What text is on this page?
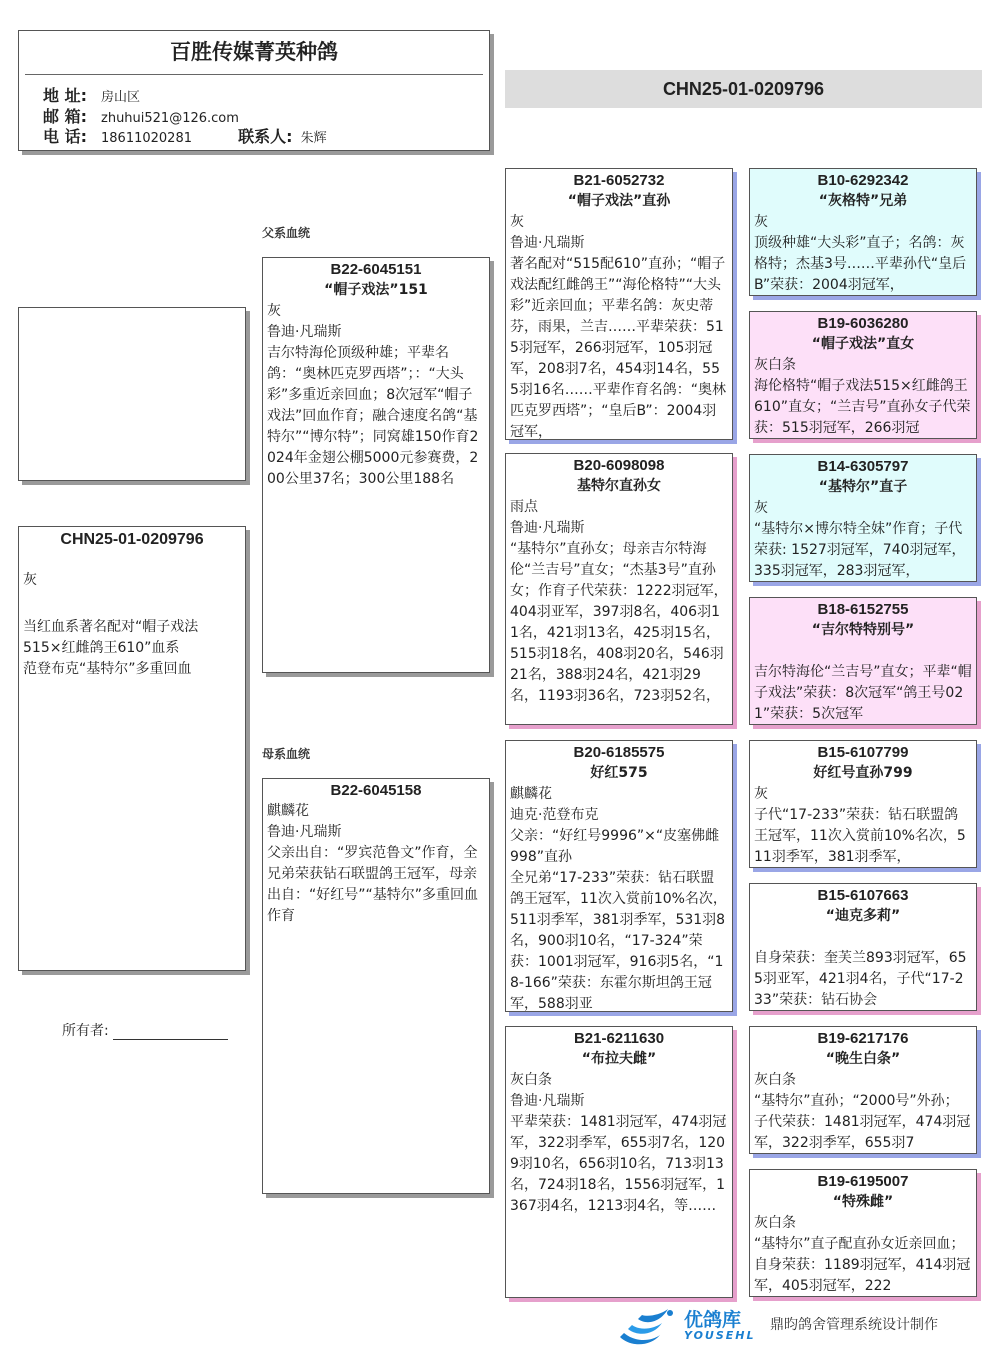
百胜传媒菁英种鸽
地 址: 房山区
邮 箱: zhuhui521@126.com
电 话: 18611020281	联系人: 朱辉
CHN25-01-0209796
父系血统
母系血统
CHN25-01-0209796
灰
当红血系著名配对“帽子戏法
515×红雌鸽王610”血系
范登布克“基特尔”多重回血
所有者:
B22-6045151
“帽子戏法”151
灰
鲁迪·凡瑞斯
吉尔特海伦顶级种雄；平辈名鸽：“奥林匹克罗西塔”；：“大头彩”多重近亲回血；8次冠军“帽子戏法”回血作育；融合速度名鸽“基特尔”“博尔特”；同窝雄150作育2024年金翅公棚5000元参赛费，200公里37名；300公里188名
B22-6045158
麒麟花
鲁迪·凡瑞斯
父亲出自：“罗宾范鲁文”作育，全兄弟荣获钻石联盟鸽王冠军，母亲出自：“好红号”“基特尔”多重回血作育
B21-6052732
“帽子戏法”直孙
灰
鲁迪·凡瑞斯
著名配对“515配610”直孙；“帽子戏法配红雌鸽王”“海伦格特”“大头彩”近亲回血；平辈名鸽：灰史蒂芬，雨果，兰吉……平辈荣获：515羽冠军，266羽冠军，105羽冠军，208羽7名，454羽14名，555羽16名……平辈作育名鸽：“奥林匹克罗西塔”；“皇后B”：2004羽冠军，
B20-6098098
基特尔直孙女
雨点
鲁迪·凡瑞斯
“基特尔”直孙女；母亲吉尔特海伦“兰吉号”直女；“杰基3号”直孙女；作育子代荣获：1222羽冠军，404羽亚军，397羽8名，406羽11名，421羽13名，425羽15名，515羽18名，408羽20名，546羽21名，388羽24名，421羽29名，1193羽36名，723羽52名，
B20-6185575
好红575
麒麟花
迪克·范登布克
父亲：“好红号9996”×“皮塞佛雌998”直孙
全兄弟“17-233”荣获：钻石联盟鸽王冠军，11次入赏前10%名次，511羽季军，381羽季军，531羽8名，900羽10名，“17-324”荣获：1001羽冠军，916羽5名，“18-166”荣获：东霍尔斯坦鸽王冠军，588羽亚
B21-6211630
“布拉夫雌”
灰白条
鲁迪·凡瑞斯
平辈荣获：1481羽冠军，474羽冠军，322羽季军，655羽7名，1209羽10名，656羽10名，713羽13名，724羽18名，1556羽冠军，1367羽4名，1213羽4名，等……
B10-6292342
“灰格特”兄弟
灰
顶级种雄“大头彩”直子；名鸽：灰格特；杰基3号……平辈孙代“皇后B”荣获：2004羽冠军，
B19-6036280
“帽子戏法”直女
灰白条
海伦格特“帽子戏法515×红雌鸽王610”直女；“兰吉号”直孙女子代荣获：515羽冠军，266羽冠
B14-6305797
“基特尔”直子
灰
“基特尔×博尔特全妹”作育；子代荣获: 1527羽冠军，740羽冠军，335羽冠军，283羽冠军，
B18-6152755
“吉尔特特别号”
吉尔特海伦“兰吉号”直女；平辈“帽子戏法”荣获：8次冠军“鸽王号021”荣获：5次冠军
B15-6107799
好红号直孙799
灰
子代“17-233”荣获：钻石联盟鸽王冠军，11次入赏前10%名次，511羽季军，381羽季军，
B15-6107663
“迪克多莉”
自身荣获：奎芙兰893羽冠军，655羽亚军，421羽4名，子代“17-233”荣获：钻石协会
B19-6217176
“晚生白条”
灰白条
“基特尔”直孙；“2000号”外孙；子代荣获：1481羽冠军，474羽冠军，322羽季军，655羽7
B19-6195007
“特殊雌”
灰白条
“基特尔”直子配直孙女近亲回血；自身荣获：1189羽冠军，414羽冠军，405羽冠军，222
优鸽库
YOUSEHL
鼎昀鸽舍管理系统设计制作
